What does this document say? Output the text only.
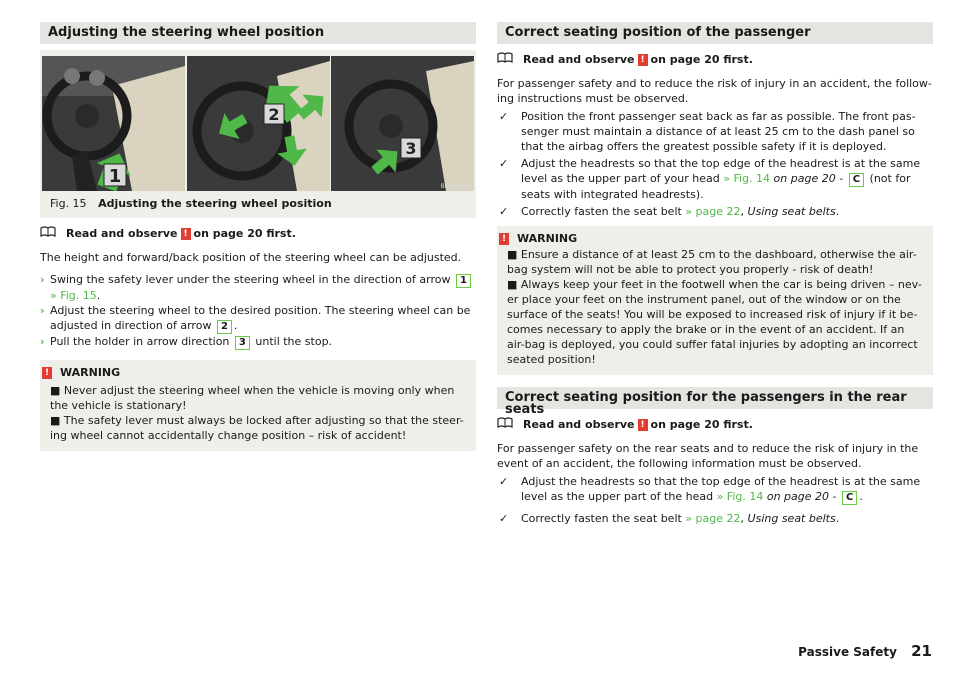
Adjusting the steering wheel position
1
2
3
BNU-0005
Fig. 15 Adjusting the steering wheel position
Read and observe ! on page 20 first.

The height and forward/back position of the steering wheel can be adjusted.

› Swing the safety lever under the steering wheel in the direction of arrow 1 » Fig. 15.
› Adjust the steering wheel to the desired position. The steering wheel can be adjusted in direction of arrow 2 .
› Pull the holder in arrow direction 3 until the stop.
! WARNING

■ Never adjust the steering wheel when the vehicle is moving only when the vehicle is stationary!

■ The safety lever must always be locked after adjusting so that the steer-ing wheel cannot accidentally change position – risk of accident!

Correct seating position of the passenger
Read and observe ! on page 20 first.

For passenger safety and to reduce the risk of injury in an accident, the follow-ing instructions must be observed.

✓ Position the front passenger seat back as far as possible. The front pas-senger must maintain a distance of at least 25 cm to the dash panel so that the airbag offers the greatest possible safety if it is deployed.
✓ Adjust the headrests so that the top edge of the headrest is at the same level as the upper part of your head » Fig. 14 on page 20 - C (not for seats with integrated headrests).
✓ Correctly fasten the seat belt » page 22, Using seat belts.
! WARNING

■ Ensure a distance of at least 25 cm to the dashboard, otherwise the air-bag system will not be able to protect you properly - risk of death!

■ Always keep your feet in the footwell when the car is being driven – nev-er place your feet on the instrument panel, out of the window or on the surface of the seats! You will be exposed to increased risk of injury if it be-comes necessary to apply the brake or in the event of an accident. If an air-bag is deployed, you could suffer fatal injuries by adopting an incorrect seated position!

Correct seating position for the passengers in the rear seats
Read and observe ! on page 20 first.

For passenger safety on the rear seats and to reduce the risk of injury in the event of an accident, the following information must be observed.

✓ Adjust the headrests so that the top edge of the headrest is at the same level as the upper part of the head » Fig. 14 on page 20 - C .
✓ Correctly fasten the seat belt » page 22, Using seat belts.
Passive Safety 21
